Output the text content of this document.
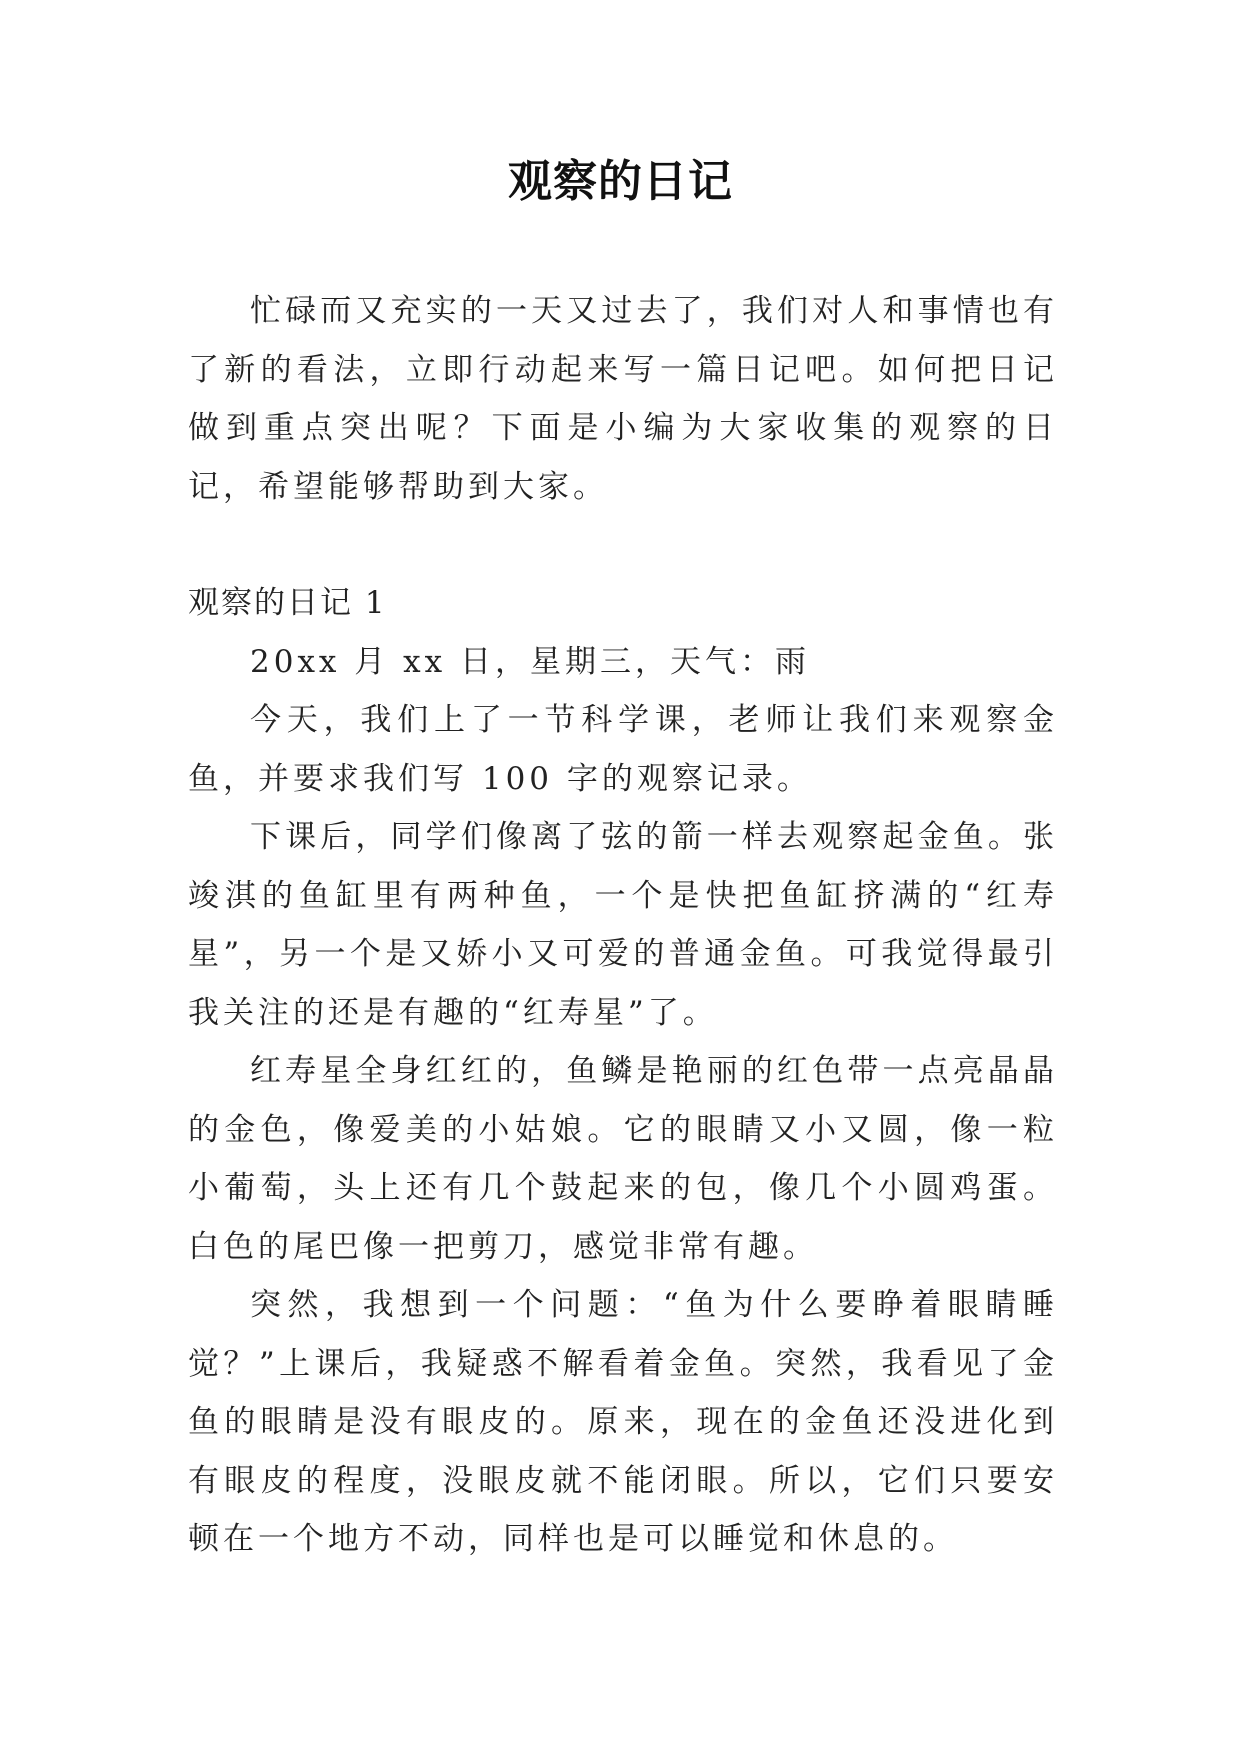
观察的日记

忙碌而又充实的一天又过去了，我们对人和事情也有了新的看法，立即行动起来写一篇日记吧。如何把日记做到重点突出呢？下面是小编为大家收集的观察的日记，希望能够帮助到大家。

观察的日记 1

20xx 月 xx 日，星期三，天气：雨

今天，我们上了一节科学课，老师让我们来观察金鱼，并要求我们写 100 字的观察记录。

下课后，同学们像离了弦的箭一样去观察起金鱼。张竣淇的鱼缸里有两种鱼，一个是快把鱼缸挤满的“红寿星”，另一个是又娇小又可爱的普通金鱼。可我觉得最引我关注的还是有趣的“红寿星”了。

红寿星全身红红的，鱼鳞是艳丽的红色带一点亮晶晶的金色，像爱美的小姑娘。它的眼睛又小又圆，像一粒小葡萄，头上还有几个鼓起来的包，像几个小圆鸡蛋。白色的尾巴像一把剪刀，感觉非常有趣。

突然，我想到一个问题：“鱼为什么要睁着眼睛睡觉？”上课后，我疑惑不解看着金鱼。突然，我看见了金鱼的眼睛是没有眼皮的。原来，现在的金鱼还没进化到有眼皮的程度，没眼皮就不能闭眼。所以，它们只要安顿在一个地方不动，同样也是可以睡觉和休息的。
